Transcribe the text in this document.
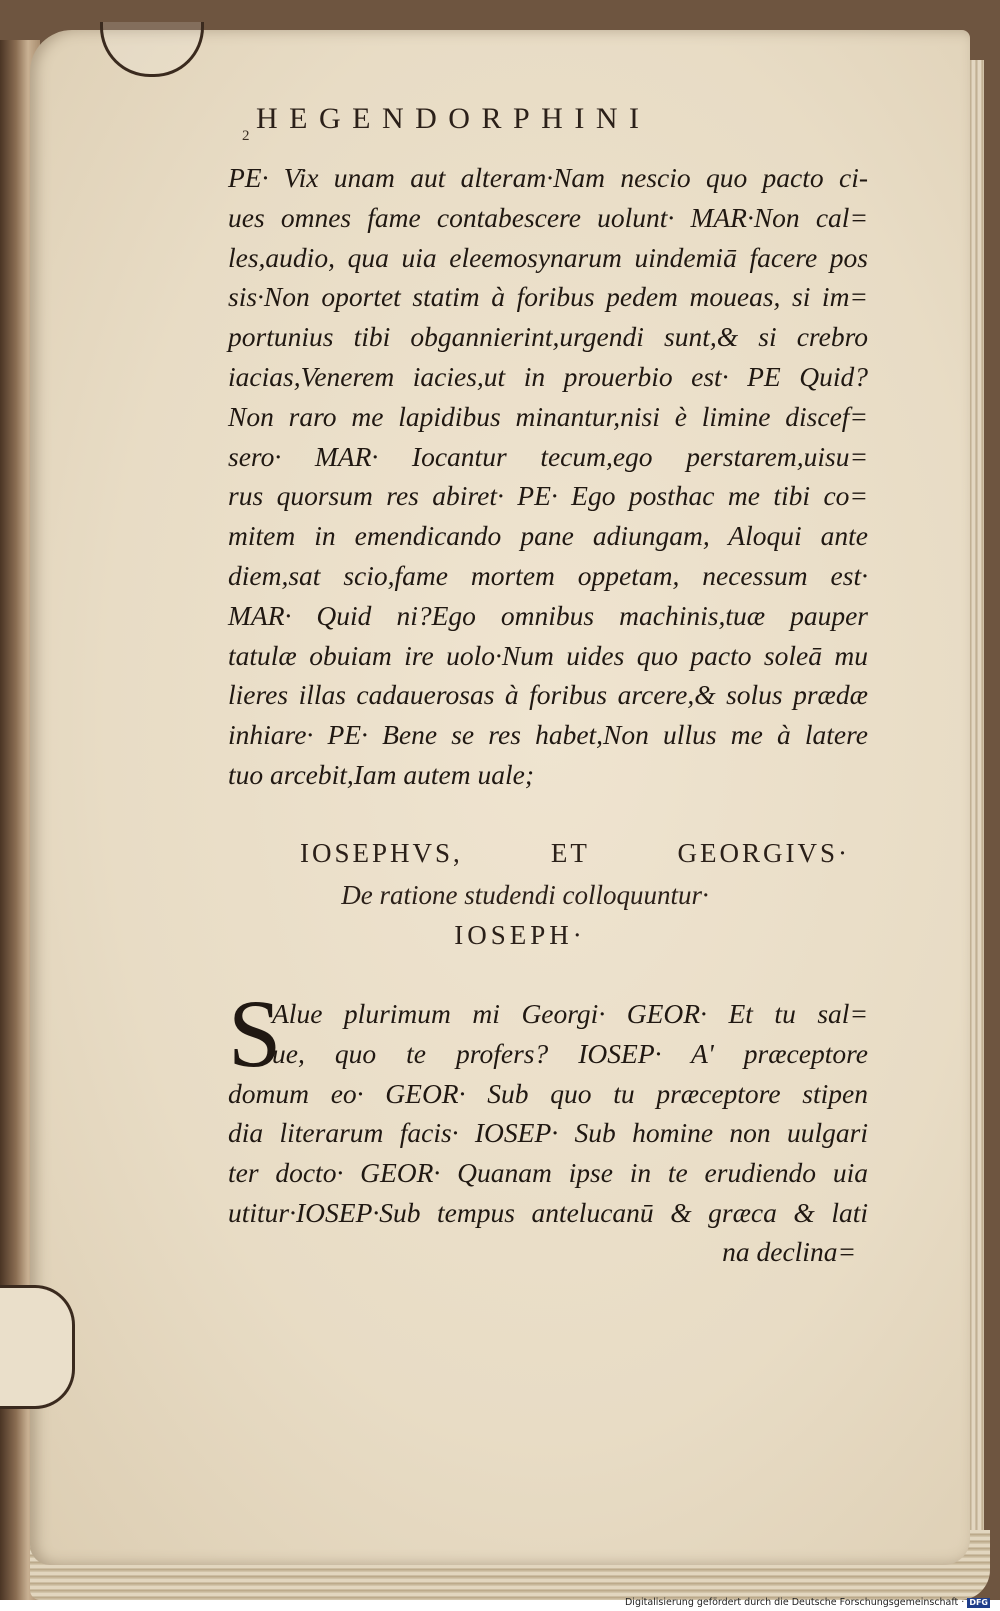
2
HEGENDORPHINI
PE· Vix unam aut alteram·Nam nescio quo pacto ci-
ues omnes fame contabescere uolunt· MAR·Non cal=
les,audio, qua uia eleemosynarum uindemiā facere pos
sis·Non oportet statim à foribus pedem moueas, si im=
portunius tibi obgannierint,urgendi sunt,& si crebro
iacias,Venerem iacies,ut in prouerbio est· PE Quid?
Non raro me lapidibus minantur,nisi è limine discef=
sero· MAR· Iocantur tecum,ego perstarem,uisu=
rus quorsum res abiret· PE· Ego posthac me tibi co=
mitem in emendicando pane adiungam, Aloqui ante
diem,sat scio,fame mortem oppetam, necessum est·
MAR· Quid ni?Ego omnibus machinis,tuæ pauper
tatulæ obuiam ire uolo·Num uides quo pacto soleā mu
lieres illas cadauerosas à foribus arcere,& solus prædæ
inhiare· PE· Bene se res habet,Non ullus me à latere
tuo arcebit,Iam autem uale;
IOSEPHVS, ET GEORGIVS·
De ratione studendi colloquuntur·
IOSEPH·
S
Alue plurimum mi Georgi· GEOR· Et tu sal=
ue, quo te profers? IOSEP· A' præceptore
domum eo· GEOR· Sub quo tu præceptore stipen
dia literarum facis· IOSEP· Sub homine non uulgari
ter docto· GEOR· Quanam ipse in te erudiendo uia
utitur·IOSEP·Sub tempus antelucanū & græca & lati
na declina=
Digitalisierung gefördert durch die Deutsche Forschungsgemeinschaft · DFG
